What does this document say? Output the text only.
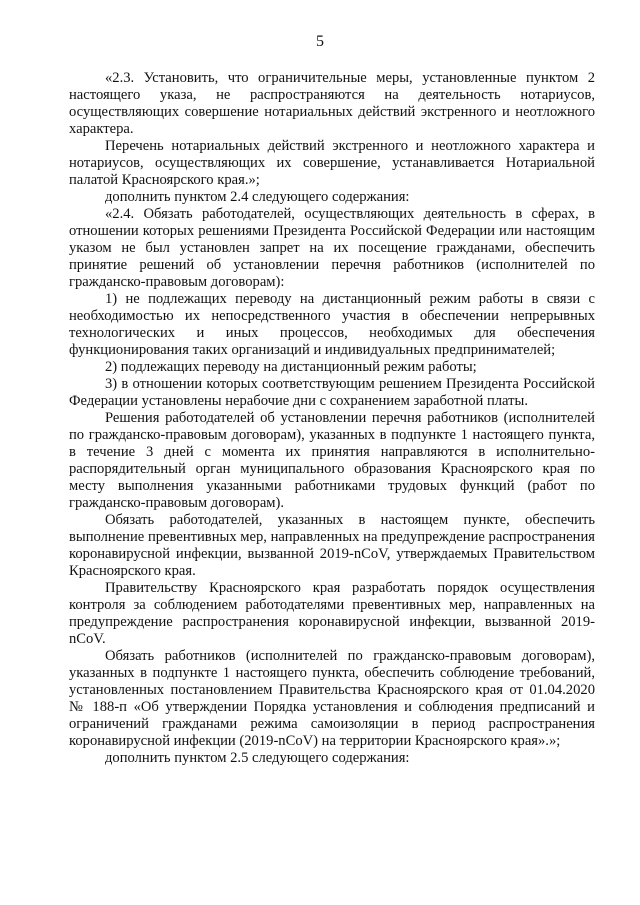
5

«2.3. Установить, что ограничительные меры, установленные пунктом 2 настоящего указа, не распространяются на деятельность нотариусов, осуществляющих совершение нотариальных действий экстренного и неотложного характера.

Перечень нотариальных действий экстренного и неотложного характера и нотариусов, осуществляющих их совершение, устанавливается Нотариальной палатой Красноярского края.»;

дополнить пунктом 2.4 следующего содержания:

«2.4. Обязать работодателей, осуществляющих деятельность в сферах, в отношении которых решениями Президента Российской Федерации или настоящим указом не был установлен запрет на их посещение гражданами, обеспечить принятие решений об установлении перечня работников (исполнителей по гражданско-правовым договорам):

1) не подлежащих переводу на дистанционный режим работы в связи с необходимостью их непосредственного участия в обеспечении непрерывных технологических и иных процессов, необходимых для обеспечения функционирования таких организаций и индивидуальных предпринимателей;

2) подлежащих переводу на дистанционный режим работы;

3) в отношении которых соответствующим решением Президента Российской Федерации установлены нерабочие дни с сохранением заработной платы.

Решения работодателей об установлении перечня работников (исполнителей по гражданско-правовым договорам), указанных в подпункте 1 настоящего пункта, в течение 3 дней с момента их принятия направляются в исполнительно-распорядительный орган муниципального образования Красноярского края по месту выполнения указанными работниками трудовых функций (работ по гражданско-правовым договорам).

Обязать работодателей, указанных в настоящем пункте, обеспечить выполнение превентивных мер, направленных на предупреждение распространения коронавирусной инфекции, вызванной 2019-nCoV, утверждаемых Правительством Красноярского края.

Правительству Красноярского края разработать порядок осуществления контроля за соблюдением работодателями превентивных мер, направленных на предупреждение распространения коронавирусной инфекции, вызванной 2019-nCoV.

Обязать работников (исполнителей по гражданско-правовым договорам), указанных в подпункте 1 настоящего пункта, обеспечить соблюдение требований, установленных постановлением Правительства Красноярского края от 01.04.2020 № 188-п «Об утверждении Порядка установления и соблюдения предписаний и ограничений гражданами режима самоизоляции в период распространения коронавирусной инфекции (2019-nCoV) на территории Красноярского края».»;

дополнить пунктом 2.5 следующего содержания:
